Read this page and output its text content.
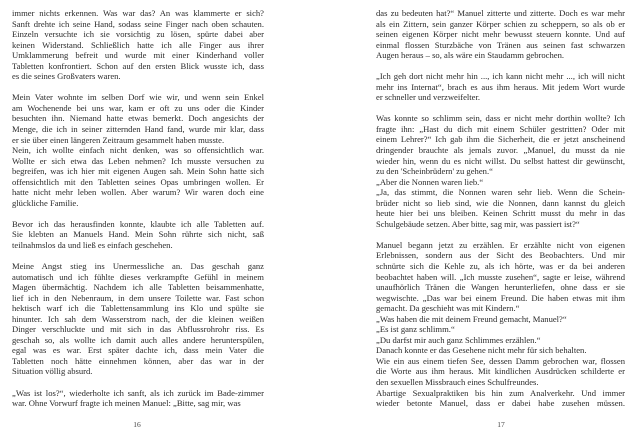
immer nichts erkennen. Was war das? An was klammerte er sich?
Sanft drehte ich seine Hand, sodass seine Finger nach oben schauten.
Einzeln versuchte ich sie vorsichtig zu lösen, spürte dabei aber
keinen Widerstand. Schließlich hatte ich alle Finger aus ihrer
Umklammerung befreit und wurde mit einer Kinderhand voller
Tabletten konfrontiert. Schon auf den ersten Blick wusste ich, dass
es die seines Großvaters waren.
Mein Vater wohnte im selben Dorf wie wir, und wenn sein Enkel
am Wochenende bei uns war, kam er oft zu uns oder die Kinder
besuchten ihn. Niemand hatte etwas bemerkt. Doch angesichts der
Menge, die ich in seiner zitternden Hand fand, wurde mir klar, dass
er sie über einen längeren Zeitraum gesammelt haben musste.
Nein, ich wollte einfach nicht denken, was so offensichtlich war.
Wollte er sich etwa das Leben nehmen? Ich musste versuchen zu
begreifen, was ich hier mit eigenen Augen sah. Mein Sohn hatte sich
offensichtlich mit den Tabletten seines Opas umbringen wollen. Er
hatte nicht mehr leben wollen. Aber warum? Wir waren doch eine
glückliche Familie.
Bevor ich das herausfinden konnte, klaubte ich alle Tabletten auf.
Sie klebten an Manuels Hand. Mein Sohn rührte sich nicht, saß
teilnahmslos da und ließ es einfach geschehen.
Meine Angst stieg ins Unermessliche an. Das geschah ganz
automatisch und ich fühlte dieses verkrampfte Gefühl in meinem
Magen übermächtig. Nachdem ich alle Tabletten beisammenhatte,
lief ich in den Nebenraum, in dem unsere Toilette war. Fast schon
hektisch warf ich die Tablettensammlung ins Klo und spülte sie
hinunter. Ich sah dem Wasserstrom nach, der die kleinen weißen
Dinger verschluckte und mit sich in das Abflussrohrohr riss. Es
geschah so, als wollte ich damit auch alles andere herunterspülen,
egal was es war. Erst später dachte ich, dass mein Vater die
Tabletten noch hätte einnehmen können, aber das war in der
Situation völlig absurd.
„Was ist los?“, wiederholte ich sanft, als ich zurück im Bade-zimmer
war. Ohne Vorwurf fragte ich meinen Manuel: „Bitte, sag mir, was
16
das zu bedeuten hat?“ Manuel zitterte und zitterte. Doch es war mehr
als ein Zittern, sein ganzer Körper schien zu scheppern, so als ob er
seinen eigenen Körper nicht mehr bewusst steuern konnte. Und auf
einmal flossen Sturzbäche von Tränen aus seinen fast schwarzen
Augen heraus – so, als wäre ein Staudamm gebrochen.
„Ich geh dort nicht mehr hin ..., ich kann nicht mehr ..., ich will nicht
mehr ins Internat“, brach es aus ihm heraus. Mit jedem Wort wurde
er schneller und verzweifelter.
Was konnte so schlimm sein, dass er nicht mehr dorthin wollte? Ich
fragte ihn: „Hast du dich mit einem Schüler gestritten? Oder mit
einem Lehrer?“ Ich gab ihm die Sicherheit, die er jetzt anscheinend
dringender brauchte als jemals zuvor. „Manuel, du musst da nie
wieder hin, wenn du es nicht willst. Du selbst hattest dir gewünscht,
zu den 'Scheinbrüdern' zu gehen.“
„Aber die Nonnen waren lieb.“
„Ja, das stimmt, die Nonnen waren sehr lieb. Wenn die Schein-
brüder nicht so lieb sind, wie die Nonnen, dann kannst du gleich
heute hier bei uns bleiben. Keinen Schritt musst du mehr in das
Schulgebäude setzen. Aber bitte, sag mir, was passiert ist?“
Manuel begann jetzt zu erzählen. Er erzählte nicht von eigenen
Erlebnissen, sondern aus der Sicht des Beobachters. Und mir
schnürte sich die Kehle zu, als ich hörte, was er da bei anderen
beobachtet haben will. „Ich musste zusehen“, sagte er leise, während
unaufhörlich Tränen die Wangen herunterliefen, ohne dass er sie
wegwischte. „Das war bei einem Freund. Die haben etwas mit ihm
gemacht. Da geschieht was mit Kindern.“
„Was haben die mit deinem Freund gemacht, Manuel?“
„Es ist ganz schlimm.“
„Du darfst mir auch ganz Schlimmes erzählen.“
Danach konnte er das Gesehene nicht mehr für sich behalten.
Wie ein aus einem tiefen See, dessen Damm gebrochen war, flossen
die Worte aus ihm heraus. Mit kindlichen Ausdrücken schilderte er
den sexuellen Missbrauch eines Schulfreundes.
Abartige Sexualpraktiken bis hin zum Analverkehr. Und immer
wieder betonte Manuel, dass er dabei habe zusehen müssen.
17
